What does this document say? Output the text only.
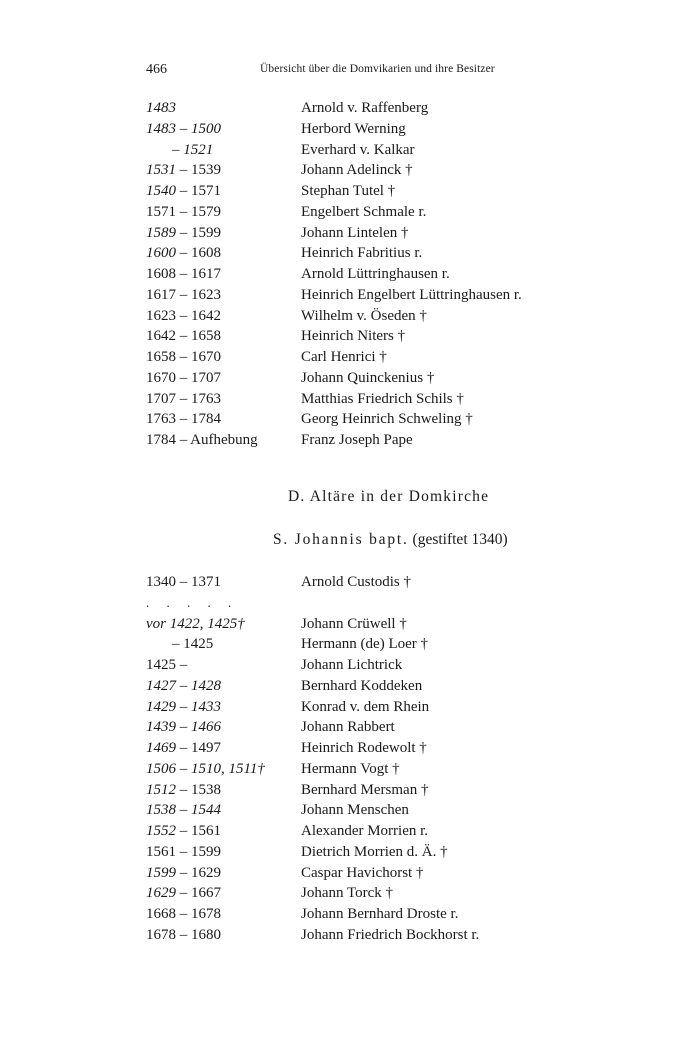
466	Übersicht über die Domvikarien und ihre Besitzer
1483	Arnold v. Raffenberg
1483 – 1500	Herbord Werning
– 1521	Everhard v. Kalkar
1531 – 1539	Johann Adelinck †
1540 – 1571	Stephan Tutel †
1571 – 1579	Engelbert Schmale r.
1589 – 1599	Johann Lintelen †
1600 – 1608	Heinrich Fabritius r.
1608 – 1617	Arnold Lüttringhausen r.
1617 – 1623	Heinrich Engelbert Lüttringhausen r.
1623 – 1642	Wilhelm v. Öseden †
1642 – 1658	Heinrich Niters †
1658 – 1670	Carl Henrici †
1670 – 1707	Johann Quinckenius †
1707 – 1763	Matthias Friedrich Schils †
1763 – 1784	Georg Heinrich Schweling †
1784 – Aufhebung	Franz Joseph Pape
D. Altäre in der Domkirche
S. Johannis bapt. (gestiftet 1340)
1340 – 1371	Arnold Custodis †
. . . . .
vor 1422, 1425†	Johann Crüwell †
– 1425	Hermann (de) Loer †
1425 –	Johann Lichtrick
1427 – 1428	Bernhard Koddeken
1429 – 1433	Konrad v. dem Rhein
1439 – 1466	Johann Rabbert
1469 – 1497	Heinrich Rodewolt †
1506 – 1510, 1511† Hermann Vogt †
1512 – 1538	Bernhard Mersman †
1538 – 1544	Johann Menschen
1552 – 1561	Alexander Morrien r.
1561 – 1599	Dietrich Morrien d. Ä. †
1599 – 1629	Caspar Havichorst †
1629 – 1667	Johann Torck †
1668 – 1678	Johann Bernhard Droste r.
1678 – 1680	Johann Friedrich Bockhorst r.
